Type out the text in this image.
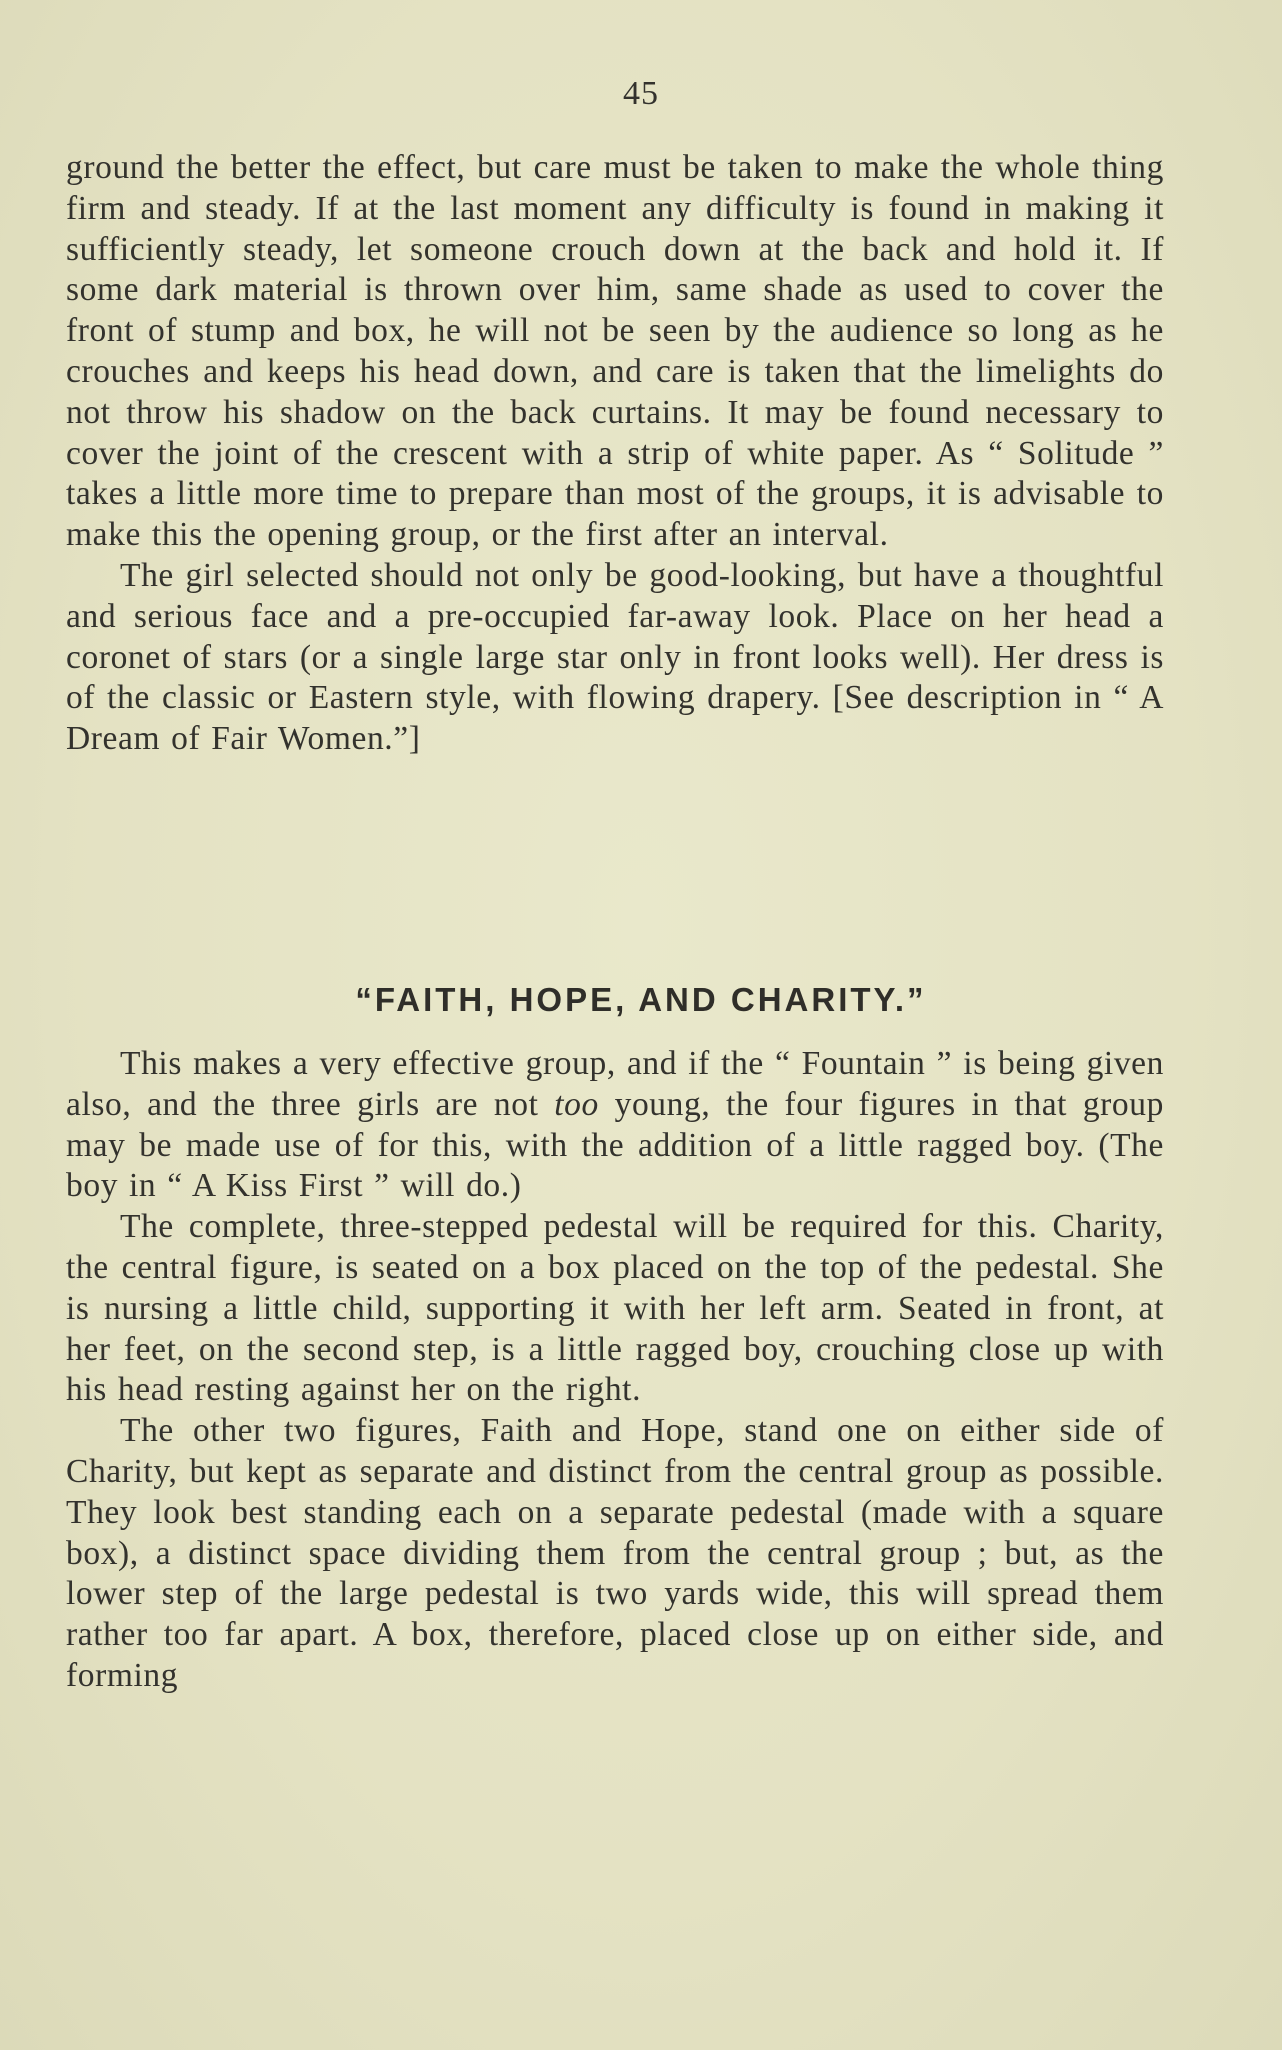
45

ground the better the effect, but care must be taken to make the whole thing firm and steady. If at the last moment any difficulty is found in making it sufficiently steady, let someone crouch down at the back and hold it. If some dark material is thrown over him, same shade as used to cover the front of stump and box, he will not be seen by the audience so long as he crouches and keeps his head down, and care is taken that the limelights do not throw his shadow on the back curtains. It may be found necessary to cover the joint of the crescent with a strip of white paper. As “ Solitude ” takes a little more time to prepare than most of the groups, it is advisable to make this the opening group, or the first after an interval.

The girl selected should not only be good-looking, but have a thoughtful and serious face and a pre-occupied far-away look. Place on her head a coronet of stars (or a single large star only in front looks well). Her dress is of the classic or Eastern style, with flowing drapery. [See description in “ A Dream of Fair Women.”]

“FAITH, HOPE, AND CHARITY.”

This makes a very effective group, and if the “ Fountain ” is being given also, and the three girls are not too young, the four figures in that group may be made use of for this, with the addition of a little ragged boy. (The boy in “ A Kiss First ” will do.)

The complete, three-stepped pedestal will be required for this. Charity, the central figure, is seated on a box placed on the top of the pedestal. She is nursing a little child, supporting it with her left arm. Seated in front, at her feet, on the second step, is a little ragged boy, crouching close up with his head resting against her on the right.

The other two figures, Faith and Hope, stand one on either side of Charity, but kept as separate and distinct from the central group as possible. They look best standing each on a separate pedestal (made with a square box), a distinct space dividing them from the central group ; but, as the lower step of the large pedestal is two yards wide, this will spread them rather too far apart. A box, therefore, placed close up on either side, and forming
